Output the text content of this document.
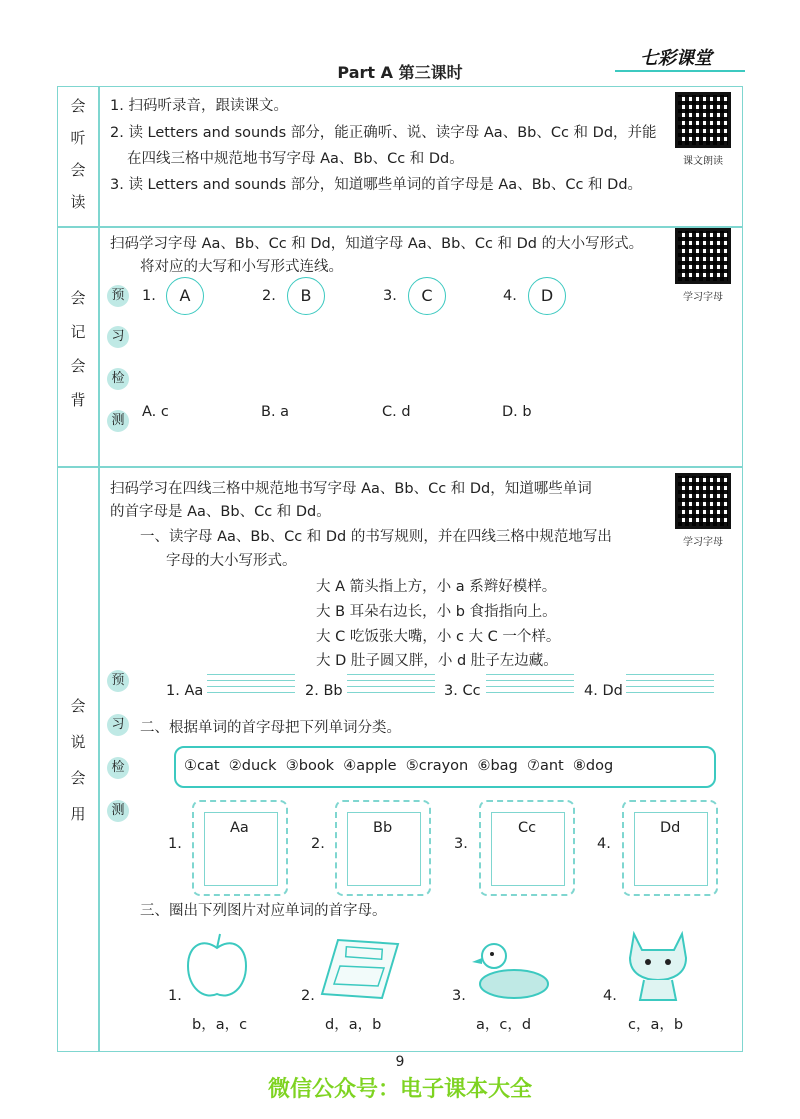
Part A 第三课时
七彩课堂
会
听
会
读
1. 扫码听录音，跟读课文。
2. 读 Letters and sounds 部分，能正确听、说、读字母 Aa、Bb、Cc 和 Dd，并能
在四线三格中规范地书写字母 Aa、Bb、Cc 和 Dd。
3. 读 Letters and sounds 部分，知道哪些单词的首字母是 Aa、Bb、Cc 和 Dd。
课文朗读
会
记
会
背
预
习
检
测
扫码学习字母 Aa、Bb、Cc 和 Dd，知道字母 Aa、Bb、Cc 和 Dd 的大小写形式。
将对应的大写和小写形式连线。
1.	A	2.	B	3.	C	4.	D
A. c	B. a	C. d	D. b
学习字母
会
说
会
用
预
习
检
测
扫码学习在四线三格中规范地书写字母 Aa、Bb、Cc 和 Dd，知道哪些单词
的首字母是 Aa、Bb、Cc 和 Dd。
一、读字母 Aa、Bb、Cc 和 Dd 的书写规则，并在四线三格中规范地写出
字母的大小写形式。
大 A 箭头指上方，小 a 系辫好模样。
大 B 耳朵右边长，小 b 食指指向上。
大 C 吃饭张大嘴，小 c 大 C 一个样。
大 D 肚子圆又胖，小 d 肚子左边藏。
1. Aa	2. Bb	3. Cc	4. Dd
二、根据单词的首字母把下列单词分类。
①cat  ②duck  ③book  ④apple  ⑤crayon  ⑥bag  ⑦ant  ⑧dog
1.
Aa
2.
Bb
3.
Cc
4.
Dd
三、圈出下列图片对应单词的首字母。
1.
b，a，c
2.
d，a，b
3.
a，c，d
4.
c，a，b
学习字母
9
微信公众号：电子课本大全
